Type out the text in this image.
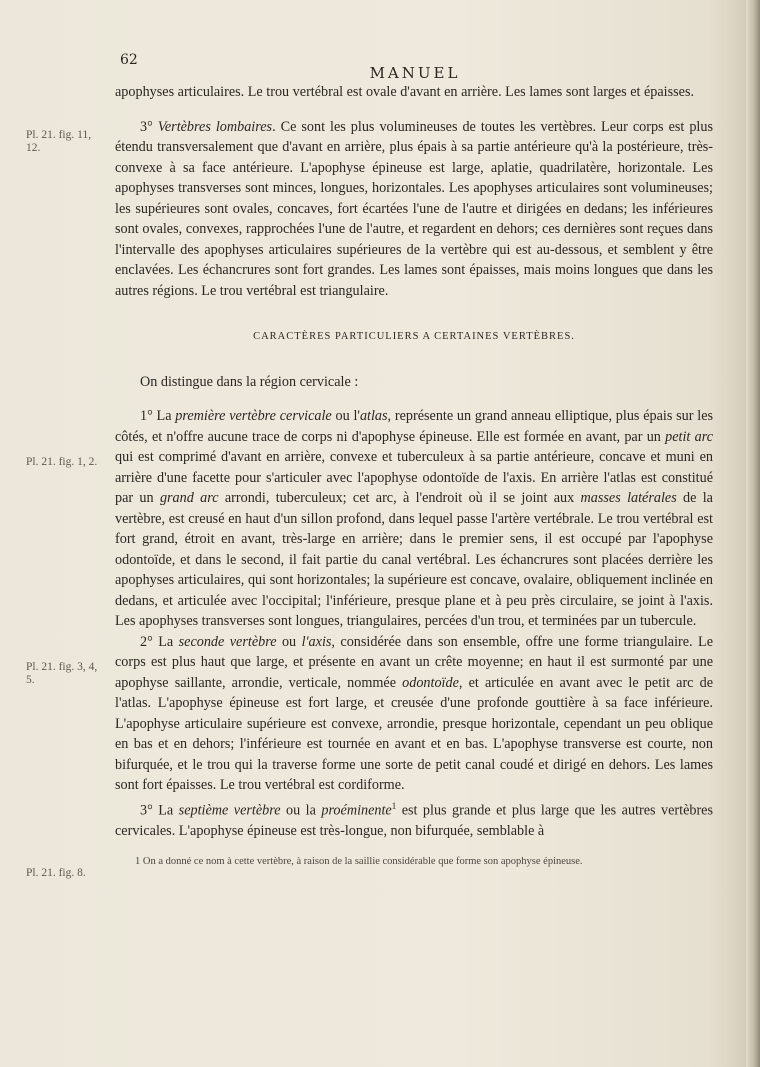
62
MANUEL
Pl. 21. fig. 11, 12.
Pl. 21. fig. 1, 2.
Pl. 21. fig. 3, 4, 5.
Pl. 21. fig. 8.

apophyses articulaires. Le trou vertébral est ovale d'avant en arrière. Les lames sont larges et épaisses.

3° Vertèbres lombaires. Ce sont les plus volumineuses de toutes les vertèbres. Leur corps est plus étendu transversalement que d'avant en arrière, plus épais à sa partie antérieure qu'à la postérieure, très-convexe à sa face antérieure. L'apophyse épineuse est large, aplatie, quadrilatère, horizontale. Les apophyses transverses sont minces, longues, horizontales. Les apophyses articulaires sont volumineuses; les supérieures sont ovales, concaves, fort écartées l'une de l'autre et dirigées en dedans; les inférieures sont ovales, convexes, rapprochées l'une de l'autre, et regardent en dehors; ces dernières sont reçues dans l'intervalle des apophyses articulaires supérieures de la vertèbre qui est au-dessous, et semblent y être enclavées. Les échancrures sont fort grandes. Les lames sont épaisses, mais moins longues que dans les autres régions. Le trou vertébral est triangulaire.

CARACTÈRES PARTICULIERS A CERTAINES VERTÈBRES.

On distingue dans la région cervicale :

1° La première vertèbre cervicale ou l'atlas, représente un grand anneau elliptique, plus épais sur les côtés, et n'offre aucune trace de corps ni d'apophyse épineuse. Elle est formée en avant, par un petit arc qui est comprimé d'avant en arrière, convexe et tuberculeux à sa partie antérieure, concave et muni en arrière d'une facette pour s'articuler avec l'apophyse odontoïde de l'axis. En arrière l'atlas est constitué par un grand arc arrondi, tuberculeux; cet arc, à l'endroit où il se joint aux masses latérales de la vertèbre, est creusé en haut d'un sillon profond, dans lequel passe l'artère vertébrale. Le trou vertébral est fort grand, étroit en avant, très-large en arrière; dans le premier sens, il est occupé par l'apophyse odontoïde, et dans le second, il fait partie du canal vertébral. Les échancrures sont placées derrière les apophyses articulaires, qui sont horizontales; la supérieure est concave, ovalaire, obliquement inclinée en dedans, et articulée avec l'occipital; l'inférieure, presque plane et à peu près circulaire, se joint à l'axis. Les apophyses transverses sont longues, triangulaires, percées d'un trou, et terminées par un tubercule.

2° La seconde vertèbre ou l'axis, considérée dans son ensemble, offre une forme triangulaire. Le corps est plus haut que large, et présente en avant un crête moyenne; en haut il est surmonté par une apophyse saillante, arrondie, verticale, nommée odontoïde, et articulée en avant avec le petit arc de l'atlas. L'apophyse épineuse est fort large, et creusée d'une profonde gouttière à sa face inférieure. L'apophyse articulaire supérieure est convexe, arrondie, presque horizontale, cependant un peu oblique en bas et en dehors; l'inférieure est tournée en avant et en bas. L'apophyse transverse est courte, non bifurquée, et le trou qui la traverse forme une sorte de petit canal coudé et dirigé en dehors. Les lames sont fort épaisses. Le trou vertébral est cordiforme.

3° La septième vertèbre ou la proéminente$^1$ est plus grande et plus large que les autres vertèbres cervicales. L'apophyse épineuse est très-longue, non bifurquée, semblable à

1 On a donné ce nom à cette vertèbre, à raison de la saillie considérable que forme son apophyse épineuse.
